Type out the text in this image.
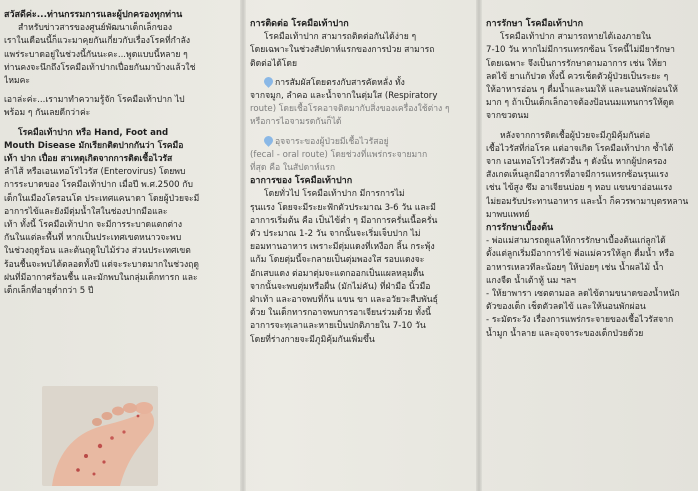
สวัสดีค่ะ...ท่านกรรมการและผู้ปกครองทุกท่าน

สำหรับข่าวสารของศูนย์พัฒนาเด็กเล็กของ

เราในเดือนนี้ก็แวะมาคุยกันเกี่ยวกับเรื่องโรคที่กำลัง

แพร่ระบาดอยู่ในช่วงนี้กันนะคะ...พูดแบบนี้หลาย ๆ

ท่านคงจะนึกถึงโรคมือเท้าปากเปื่อยกันมาบ้างแล้วใช่

ไหมคะ

เอาล่ะค่ะ...เรามาทำความรู้จัก โรคมือเท้าปาก ไป

พร้อม ๆ กันเลยดีกว่าค่ะ

โรคมือเท้าปาก หรือ Hand, Foot and

Mouth Disease มักเรียกติดปากกันว่า โรคมือ

เท้า ปาก เปื่อย สาเหตุเกิดจากการติดเชื้อไวรัส

ลำไส้ หรือเอนเทอโรไวรัส (Enterovirus) โดยพบ

การระบาดของ โรคมือเท้าปาก เมื่อปี พ.ศ.2500 กับ

เด็กในเมืองโตรอนโต ประเทศแคนาดา โดยผู้ป่วยจะมี

อาการไข้และยังมีตุ่มน้ำใสในช่องปากมือและ

เท้า ทั้งนี้ โรคมือเท้าปาก จะมีการระบาดแตกต่าง

กันในแต่ละพื้นที่ หากเป็นประเทศเขตหนาวจะพบ

ในช่วงฤดูร้อน และต้นฤดูใบไม้ร่วง ส่วนประเทศเขต

ร้อนชื้นจะพบได้ตลอดทั้งปี แต่จะระบาดมากในช่วงฤดู

ฝนที่มีอากาศร้อนชื้น และมักพบในกลุ่มเด็กทารก และ

เด็กเล็กที่อายุต่ำกว่า 5 ปี

การติดต่อ โรคมือเท้าปาก

โรคมือเท้าปาก สามารถติดต่อกันได้ง่าย ๆ

โดยเฉพาะในช่วงสัปดาห์แรกของการป่วย สามารถ

ติดต่อได้โดย

การสัมผัสโดยตรงกับสารคัดหลั่ง ทั้ง

จากจมูก, ลำคอ และน้ำจากในตุ่มใส (Respiratory

route) โดยเชื้อโรคอาจติดมากับสิ่งของเครื่องใช้ต่าง ๆ

หรือการไอจามรดกันก็ได้

อุจจาระของผู้ป่วยมีเชื้อไวรัสอยู่

(fecal - oral route) โดยช่วงที่แพร่กระจายมาก

ที่สุด คือ ในสัปดาห์แรก

อาการของ โรคมือเท้าปาก

โดยทั่วไป โรคมือเท้าปาก มีการการไม่

รุนแรง โดยจะมีระยะฟักตัวประมาณ 3-6 วัน และมี

อาการเริ่มต้น คือ เป็นไข้ต่ำ ๆ มีอาการครั่นเนื้อครั่น

ตัว ประมาณ 1-2 วัน จากนั้นจะเริ่มเจ็บปาก ไม่

ยอมทานอาหาร เพราะมีตุ่มแดงที่เหงือก ลิ้น กระพุ้ง

แก้ม โดยตุ่มนี้จะกลายเป็นตุ่มพองใส รอบแดงจะ

อักเสบแดง ต่อมาตุ่มจะแตกออกเป็นแผลหลุมตื้น

จากนั้นจะพบตุ่มหรือผื่น (มักไม่คัน) ที่ฝ่ามือ นิ้วมือ

ฝ่าเท้า และอาจพบที่ก้น แขน ขา และอวัยวะสืบพันธุ์

ด้วย ในเด็กทารกอาจพบการอาเจียนร่วมด้วย ทั้งนี้

อาการจะทุเลาและหายเป็นปกติภายใน 7-10 วัน

โดยที่ร่างกายจะมีภูมิคุ้มกันเพิ่มขึ้น

การรักษา โรคมือเท้าปาก

โรคมือเท้าปาก สามารถหายได้เองภายใน

7-10 วัน หากไม่มีการแทรกซ้อน โรคนี้ไม่มียารักษา

โดยเฉพาะ จึงเป็นการรักษาตามอาการ เช่น ให้ยา

ลดไข้ ยาแก้ปวด ทั้งนี้ ควรเช็ดตัวผู้ป่วยเป็นระยะ ๆ

ให้อาหารอ่อน ๆ ดื่มน้ำและนมให้ และนอนพักผ่อนให้

มาก ๆ ถ้าเป็นเด็กเล็กอาจต้องป้อนนมแทนการให้ดูด

จากขวดนม

หลังจากการติดเชื้อผู้ป่วยจะมีภูมิคุ้มกันต่อ

เชื้อไวรัสที่ก่อโรค แต่อาจเกิด โรคมือเท้าปาก ซ้ำได้

จาก เอนเทอโรไวรัสตัวอื่น ๆ ดังนั้น หากผู้ปกครอง

สังเกตเห็นลูกมีอาการที่อาจมีการแทรกซ้อนรุนแรง

เช่น ไข้สูง ซึม อาเจียนบ่อย ๆ หอบ แขนขาอ่อนแรง

ไม่ยอมรับประทานอาหาร และน้ำ ก็ควรพามาบุตรหลาน

มาพบแพทย์

การรักษาเบื้องต้น

- พ่อแม่สามารถดูแลให้การรักษาเบื้องต้นแก่ลูกได้

ตั้งแต่ลูกเริ่มมีอาการไข้ พ่อแม่ควรให้ลูก ดื่มน้ำ หรือ

อาหารเหลวทีละน้อยๆ ให้บ่อยๆ เช่น น้ำผลไม้ น้ำ

แกงจืด น้ำเต้าหู้ นม ฯลฯ

- ให้ยาพารา เซตตามอล ลดไข้ตามขนาดของน้ำหนัก

ตัวของเด็ก เช็ดตัวลดไข้ และให้นอนพักผ่อน

- ระมัดระวัง เรื่องการแพร่กระจายของเชื้อไวรัสจาก

น้ำมูก น้ำลาย และอุจจาระของเด็กป่วยด้วย
